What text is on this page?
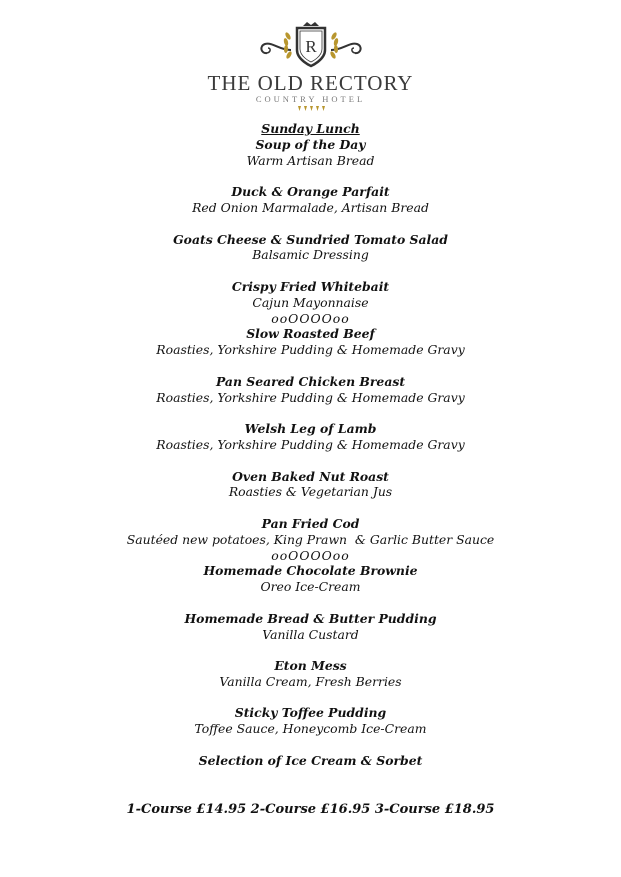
R
THE OLD RECTORY
COUNTRY HOTEL
Sunday Lunch
Soup of the Day
Warm Artisan Bread
Duck & Orange Parfait
Red Onion Marmalade, Artisan Bread
Goats Cheese & Sundried Tomato Salad
Balsamic Dressing
Crispy Fried Whitebait
Cajun Mayonnaise
ooOOOOoo
Slow Roasted Beef
Roasties, Yorkshire Pudding & Homemade Gravy
Pan Seared Chicken Breast
Roasties, Yorkshire Pudding & Homemade Gravy
Welsh Leg of Lamb
Roasties, Yorkshire Pudding & Homemade Gravy
Oven Baked Nut Roast
Roasties & Vegetarian Jus
Pan Fried Cod
Sautéed new potatoes, King Prawn  & Garlic Butter Sauce
ooOOOOoo
Homemade Chocolate Brownie
Oreo Ice-Cream
Homemade Bread & Butter Pudding
Vanilla Custard
Eton Mess
Vanilla Cream, Fresh Berries
Sticky Toffee Pudding
Toffee Sauce, Honeycomb Ice-Cream
Selection of Ice Cream & Sorbet
1-Course £14.95 2-Course £16.95 3-Course £18.95
